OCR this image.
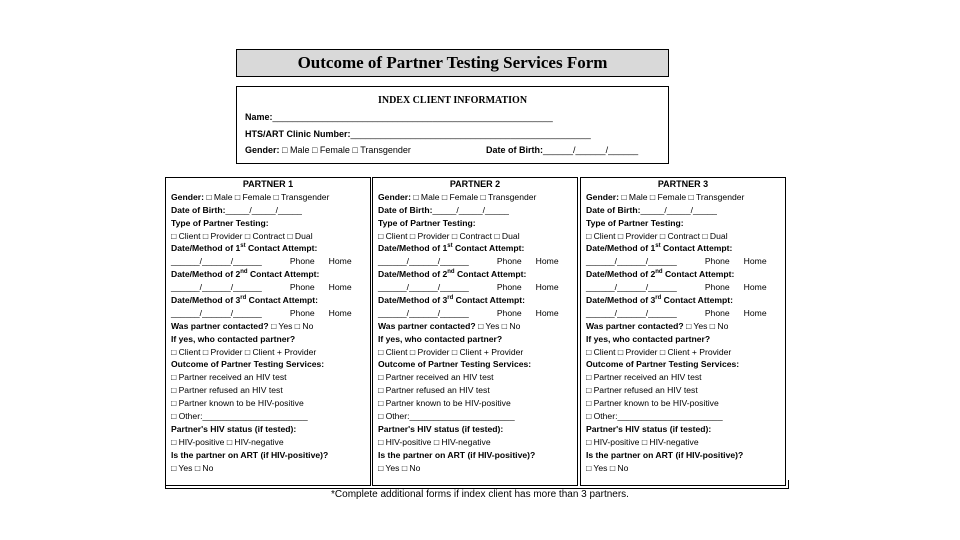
Outcome of Partner Testing Services Form
INDEX CLIENT INFORMATION
Name:________________________________________________________
HTS/ART Clinic Number:________________________________________________
Gender: □ Male □ Female □ Transgender	Date of Birth:______/______/______
PARTNER 1
Gender: □ Male □ Female □ Transgender
Date of Birth:_____/_____/_____
Type of Partner Testing:
□ Client □ Provider □ Contract □ Dual
Date/Method of 1st Contact Attempt:
______/______/______	Phone Home
Date/Method of 2nd Contact Attempt:
______/______/______	Phone Home
Date/Method of 3rd Contact Attempt:
______/______/______	Phone Home
Was partner contacted? □ Yes □ No
If yes, who contacted partner?
□ Client □ Provider □ Client + Provider
Outcome of Partner Testing Services:
□ Partner received an HIV test
□ Partner refused an HIV test
□ Partner known to be HIV-positive
□ Other:______________________
Partner's HIV status (if tested):
□ HIV-positive □ HIV-negative
Is the partner on ART (if HIV-positive)?
□ Yes □ No
PARTNER 2
Gender: □ Male □ Female □ Transgender
Date of Birth:_____/_____/_____
Type of Partner Testing:
□ Client □ Provider □ Contract □ Dual
Date/Method of 1st Contact Attempt:
______/______/______	Phone Home
Date/Method of 2nd Contact Attempt:
______/______/______	Phone Home
Date/Method of 3rd Contact Attempt:
______/______/______	Phone Home
Was partner contacted? □ Yes □ No
If yes, who contacted partner?
□ Client □ Provider □ Client + Provider
Outcome of Partner Testing Services:
□ Partner received an HIV test
□ Partner refused an HIV test
□ Partner known to be HIV-positive
□ Other:______________________
Partner's HIV status (if tested):
□ HIV-positive □ HIV-negative
Is the partner on ART (if HIV-positive)?
□ Yes □ No
PARTNER 3
Gender: □ Male □ Female □ Transgender
Date of Birth:_____/_____/_____
Type of Partner Testing:
□ Client □ Provider □ Contract □ Dual
Date/Method of 1st Contact Attempt:
______/______/______	Phone Home
Date/Method of 2nd Contact Attempt:
______/______/______	Phone Home
Date/Method of 3rd Contact Attempt:
______/______/______	Phone Home
Was partner contacted? □ Yes □ No
If yes, who contacted partner?
□ Client □ Provider □ Client + Provider
Outcome of Partner Testing Services:
□ Partner received an HIV test
□ Partner refused an HIV test
□ Partner known to be HIV-positive
□ Other:______________________
Partner's HIV status (if tested):
□ HIV-positive □ HIV-negative
Is the partner on ART (if HIV-positive)?
□ Yes □ No
*Complete additional forms if index client has more than 3 partners.
